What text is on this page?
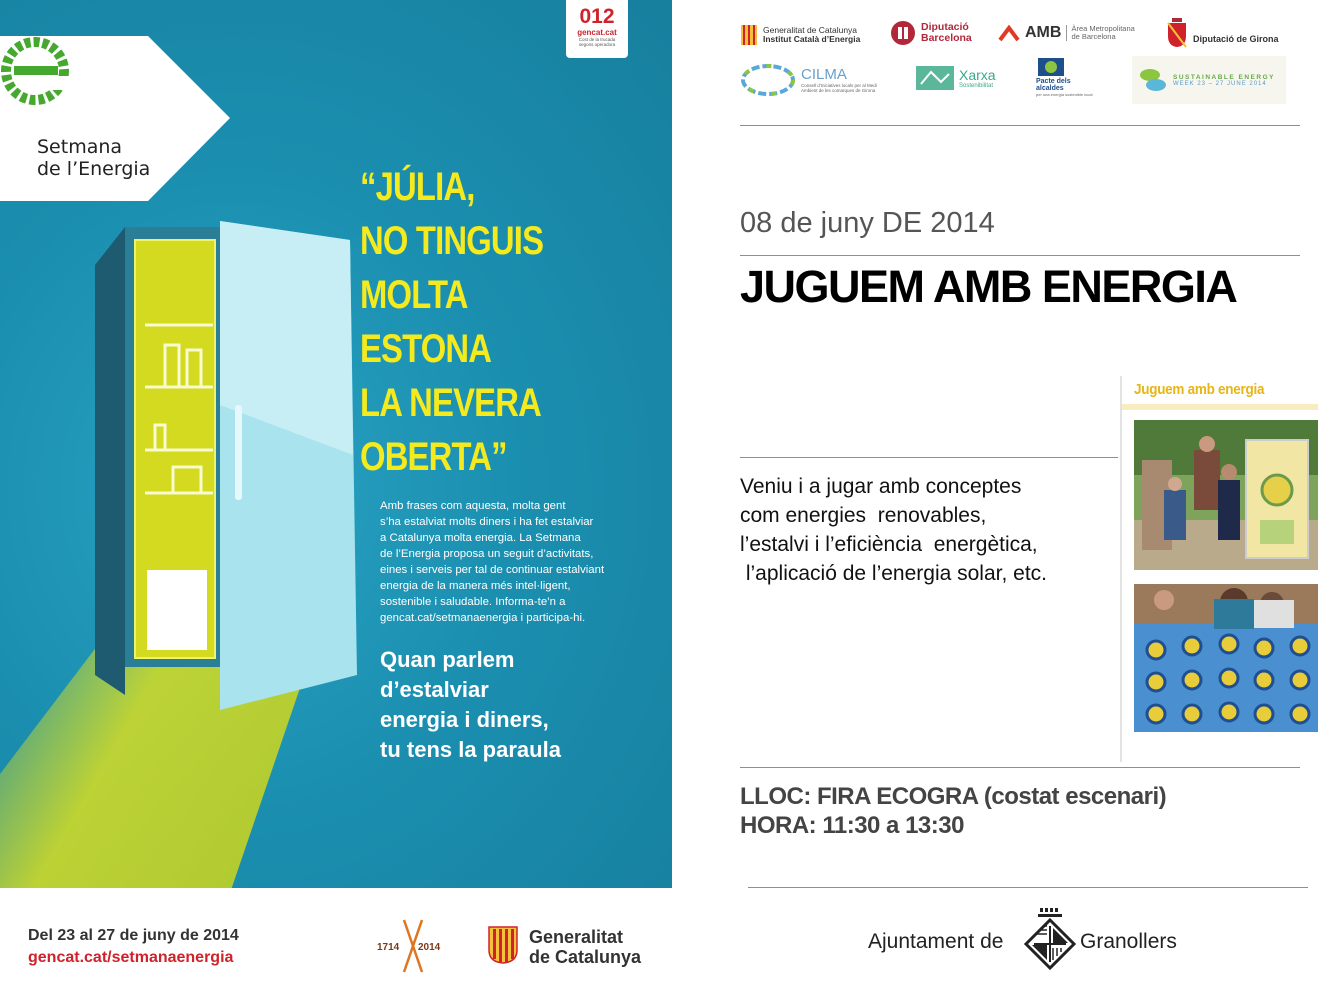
Setmana
de l’Energia
012
gencat.cat
Cost de la trucada
segons operadora
“JÚLIA,
NO TINGUIS
MOLTA
ESTONA
LA NEVERA
OBERTA”
Amb frases com aquesta, molta gent
s’ha estalviat molts diners i ha fet estalviar
a Catalunya molta energia. La Setmana
de l’Energia proposa un seguit d’activitats,
eines i serveis per tal de continuar estalviant
energia de la manera més intel·ligent,
sostenible i saludable. Informa-te’n a
gencat.cat/setmanaenergia i participa-hi.
Quan parlem
d’estalviar
energia i diners,
tu tens la paraula
Del 23 al 27 de juny de 2014
gencat.cat/setmanaenergia
1714 2014
Generalitat
de Catalunya
Generalitat de Catalunya
Institut Català d’Energia
Diputació
Barcelona	AMB Àrea Metropolitana
de Barcelona	Diputació de Girona
CILMA
Consell d’Iniciatives locals per al Medi Ambient de les comarques de Girona
Xarxa
Sostenibilitat
Pacte dels
alcaldes
per una energia sostenible local
SUSTAINABLE ENERGY
WEEK 23 – 27 JUNE 2014
08 de juny DE 2014
JUGUEM AMB ENERGIA
Veniu i a jugar amb conceptes
com energies  renovables,
l’estalvi i l’eficiència  energètica,
l’aplicació de l’energia solar, etc.
Juguem amb energia
LLOC: FIRA ECOGRA (costat escenari)
HORA: 11:30 a 13:30
Ajuntament de	Granollers
